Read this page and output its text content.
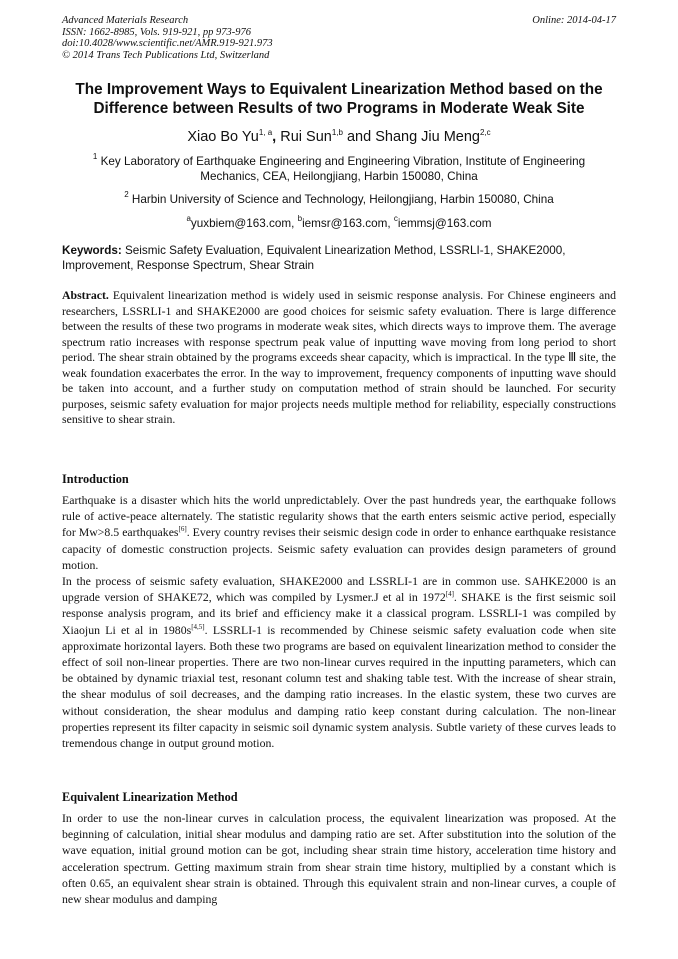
Advanced Materials Research
ISSN: 1662-8985, Vols. 919-921, pp 973-976
doi:10.4028/www.scientific.net/AMR.919-921.973
© 2014 Trans Tech Publications Ltd, Switzerland
Online: 2014-04-17
The Improvement Ways to Equivalent Linearization Method based on the
Difference between Results of two Programs in Moderate Weak Site
Xiao Bo Yu$^{1, a}$, Rui Sun$^{1,b}$ and Shang Jiu Meng$^{2,c}$
$^1$ Key Laboratory of Earthquake Engineering and Engineering Vibration, Institute of Engineering
Mechanics, CEA, Heilongjiang, Harbin 150080, China
$^2$ Harbin University of Science and Technology, Heilongjiang, Harbin 150080, China
$^a$yuxbiem@163.com, $^b$iemsr@163.com, $^c$iemmsj@163.com
Keywords: Seismic Safety Evaluation, Equivalent Linearization Method, LSSRLI-1, SHAKE2000, Improvement, Response Spectrum, Shear Strain
Abstract. Equivalent linearization method is widely used in seismic response analysis. For Chinese engineers and researchers, LSSRLI-1 and SHAKE2000 are good choices for seismic safety evaluation. There is large difference between the results of these two programs in moderate weak sites, which directs ways to improve them. The average spectrum ratio increases with response spectrum peak value of inputting wave moving from long period to short period. The shear strain obtained by the programs exceeds shear capacity, which is impractical. In the type Ⅲ site, the weak foundation exacerbates the error. In the way to improvement, frequency components of inputting wave should be taken into account, and a further study on computation method of strain should be launched. For security purposes, seismic safety evaluation for major projects needs multiple method for reliability, especially constructions sensitive to shear strain.
Introduction

Earthquake is a disaster which hits the world unpredictablely. Over the past hundreds year, the earthquake follows rule of active-peace alternately. The statistic regularity shows that the earth enters seismic active period, especially for Mw>8.5 earthquakes[6]. Every country revises their seismic design code in order to enhance earthquake resistance capacity of domestic construction projects. Seismic safety evaluation can provides design parameters of ground motion.

In the process of seismic safety evaluation, SHAKE2000 and LSSRLI-1 are in common use. SAHKE2000 is an upgrade version of SHAKE72, which was compiled by Lysmer.J et al in 1972[4]. SHAKE is the first seismic soil response analysis program, and its brief and efficiency make it a classical program. LSSRLI-1 was compiled by Xiaojun Li et al in 1980s[4,5]. LSSRLI-1 is recommended by Chinese seismic safety evaluation code when site approximate horizontal layers. Both these two programs are based on equivalent linearization method to consider the effect of soil non-linear properties. There are two non-linear curves required in the inputting parameters, which can be obtained by dynamic triaxial test, resonant column test and shaking table test. With the increase of shear strain, the shear modulus of soil decreases, and the damping ratio increases. In the elastic system, these two curves are without consideration, the shear modulus and damping ratio keep constant during calculation. The non-linear properties represent its filter capacity in seismic soil dynamic system analysis. Subtle variety of these curves leads to tremendous change in output ground motion.

Equivalent Linearization Method

In order to use the non-linear curves in calculation process, the equivalent linearization was proposed. At the beginning of calculation, initial shear modulus and damping ratio are set. After substitution into the solution of the wave equation, initial ground motion can be got, including shear strain time history, acceleration time history and acceleration spectrum. Getting maximum strain from shear strain time history, multiplied by a constant which is often 0.65, an equivalent shear strain is obtained. Through this equivalent strain and non-linear curves, a couple of new shear modulus and damping
